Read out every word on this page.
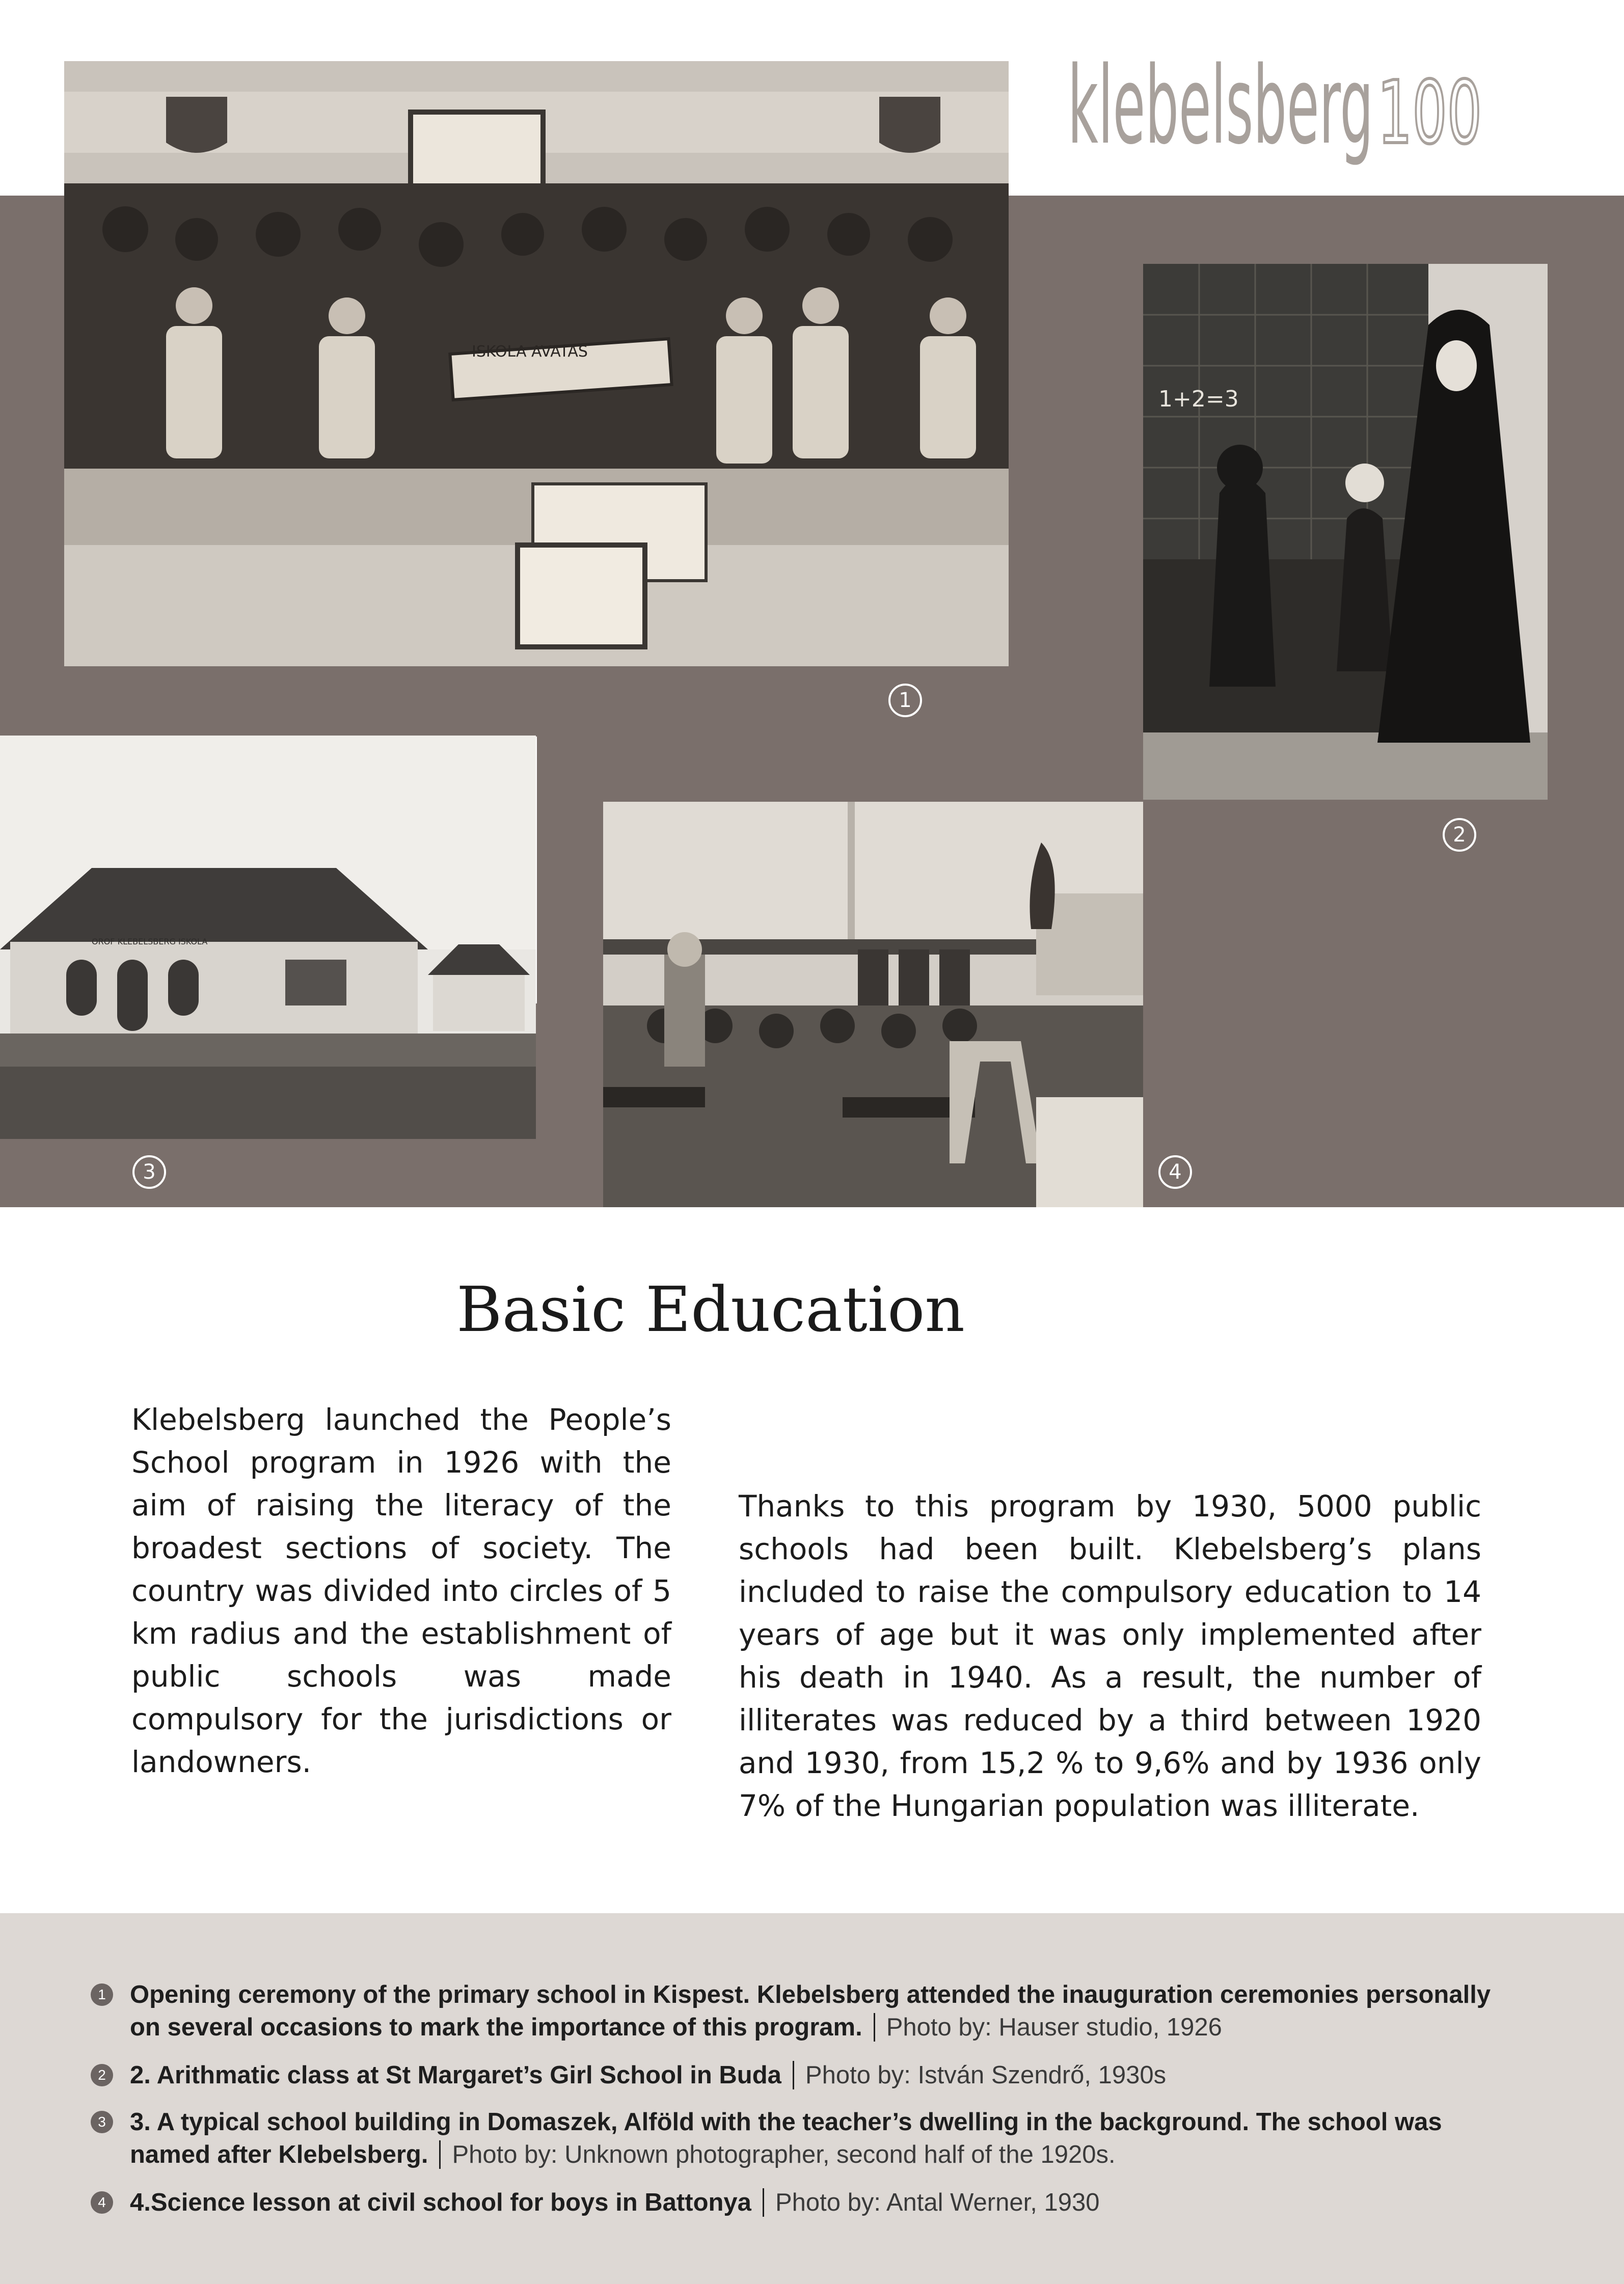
klebelsberg 100
ISKOLA AVATAS
1
1+2=3
2
OROF KLEBELSBERG ISKOLA
3	4
Basic Education

Klebelsberg launched the People’s School program in 1926 with the aim of raising the literacy of the broadest sections of society. The country was divided into circles of 5 km radius and the establishment of public schools was made compulsory for the jurisdictions or landowners.

Thanks to this program by 1930, 5000 public schools had been built. Klebelsberg’s plans included to raise the compulsory education to 14 years of age but it was only implemented after his death in 1940. As a result, the number of illiterates was reduced by a third between 1920 and 1930, from 15,2 % to 9,6% and by 1936 only 7% of the Hungarian population was illiterate.

1 Opening ceremony of the primary school in Kispest. Klebelsberg attended the inauguration ceremonies personally on several occasions to mark the importance of this program. Photo by: Hauser studio, 1926
2 2. Arithmatic class at St Margaret’s Girl School in Buda Photo by: István Szendrő, 1930s
3 3. A typical school building in Domaszek, Alföld with the teacher’s dwelling in the background. The school was named after Klebelsberg. Photo by: Unknown photographer, second half of the 1920s.
4 4.Science lesson at civil school for boys in Battonya Photo by: Antal Werner, 1930
